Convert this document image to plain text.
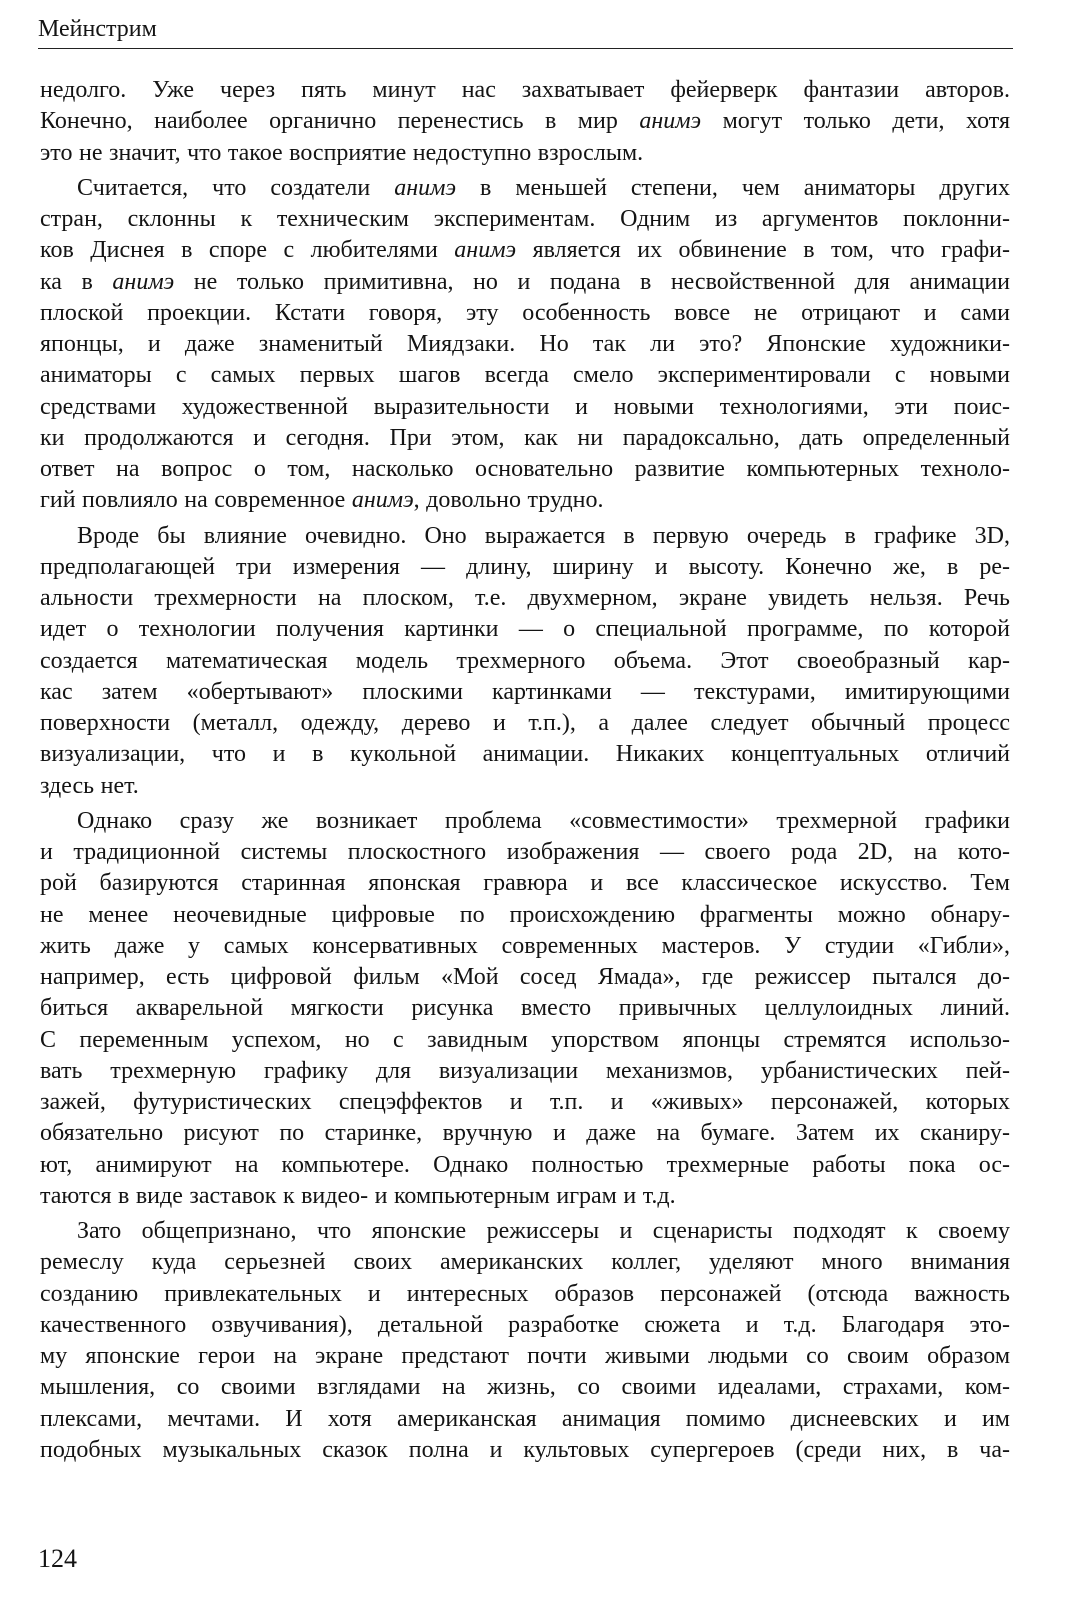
Мейнстрим

недолго. Уже через пять минут нас захватывает фейерверк фантазии авторов.
Конечно, наиболее органично перенестись в мир анимэ могут только дети, хотя
это не значит, что такое восприятие недоступно взрослым.

Считается, что создатели анимэ в меньшей степени, чем аниматоры других
стран, склонны к техническим экспериментам. Одним из аргументов поклонни-
ков Диснея в споре с любителями анимэ является их обвинение в том, что графи-
ка в анимэ не только примитивна, но и подана в несвойственной для анимации
плоской проекции. Кстати говоря, эту особенность вовсе не отрицают и сами
японцы, и даже знаменитый Миядзаки. Но так ли это? Японские художники-
аниматоры с самых первых шагов всегда смело экспериментировали с новыми
средствами художественной выразительности и новыми технологиями, эти поис-
ки продолжаются и сегодня. При этом, как ни парадоксально, дать определенный
ответ на вопрос о том, насколько основательно развитие компьютерных техноло-
гий повлияло на современное анимэ, довольно трудно.

Вроде бы влияние очевидно. Оно выражается в первую очередь в графике 3D,
предполагающей три измерения — длину, ширину и высоту. Конечно же, в ре-
альности трехмерности на плоском, т.е. двухмерном, экране увидеть нельзя. Речь
идет о технологии получения картинки — о специальной программе, по которой
создается математическая модель трехмерного объема. Этот своеобразный кар-
кас затем «обертывают» плоскими картинками — текстурами, имитирующими
поверхности (металл, одежду, дерево и т.п.), а далее следует обычный процесс
визуализации, что и в кукольной анимации. Никаких концептуальных отличий
здесь нет.

Однако сразу же возникает проблема «совместимости» трехмерной графики
и традиционной системы плоскостного изображения — своего рода 2D, на кото-
рой базируются старинная японская гравюра и все классическое искусство. Тем
не менее неочевидные цифровые по происхождению фрагменты можно обнару-
жить даже у самых консервативных современных мастеров. У студии «Гибли»,
например, есть цифровой фильм «Мой сосед Ямада», где режиссер пытался до-
биться акварельной мягкости рисунка вместо привычных целлулоидных линий.
С переменным успехом, но с завидным упорством японцы стремятся использо-
вать трехмерную графику для визуализации механизмов, урбанистических пей-
зажей, футуристических спецэффектов и т.п. и «живых» персонажей, которых
обязательно рисуют по старинке, вручную и даже на бумаге. Затем их сканиру-
ют, анимируют на компьютере. Однако полностью трехмерные работы пока ос-
таются в виде заставок к видео- и компьютерным играм и т.д.

Зато общепризнано, что японские режиссеры и сценаристы подходят к своему
ремеслу куда серьезней своих американских коллег, уделяют много внимания
созданию привлекательных и интересных образов персонажей (отсюда важность
качественного озвучивания), детальной разработке сюжета и т.д. Благодаря это-
му японские герои на экране предстают почти живыми людьми со своим образом
мышления, со своими взглядами на жизнь, со своими идеалами, страхами, ком-
плексами, мечтами. И хотя американская анимация помимо диснеевских и им
подобных музыкальных сказок полна и культовых супергероев (среди них, в ча-

124
